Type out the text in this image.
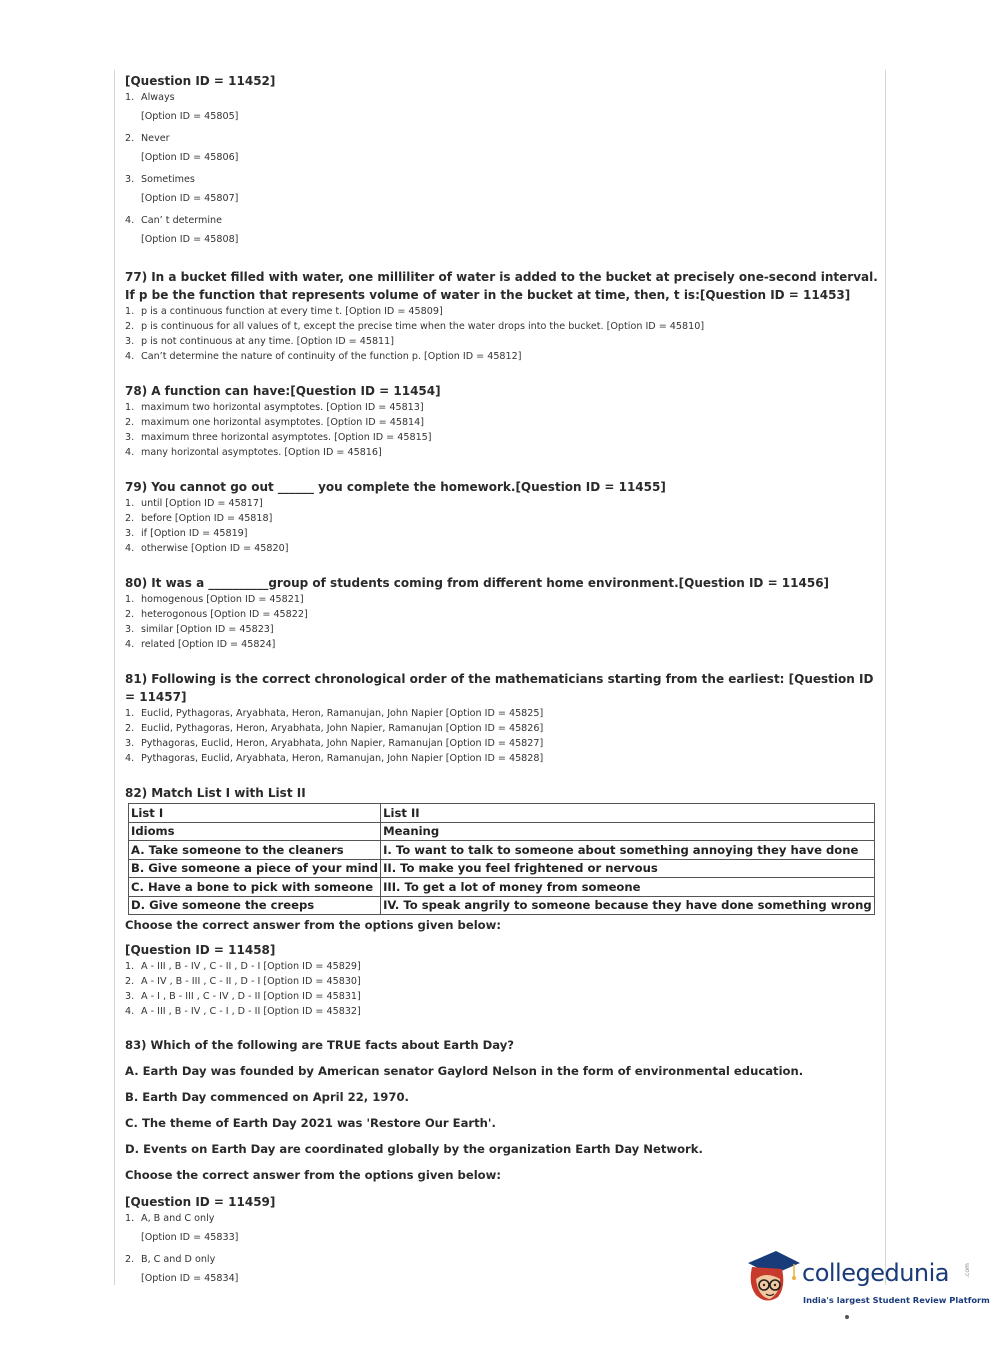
[Question ID = 11452]

1. Always
[Option ID = 45805]
2. Never
[Option ID = 45806]
3. Sometimes
[Option ID = 45807]
4. Can’ t determine
[Option ID = 45808]

77) In a bucket filled with water, one milliliter of water is added to the bucket at precisely one-second interval. If p be the function that represents volume of water in the bucket at time, then, t is:[Question ID = 11453]

1. p is a continuous function at every time t. [Option ID = 45809]
2. p is continuous for all values of t, except the precise time when the water drops into the bucket. [Option ID = 45810]
3. p is not continuous at any time. [Option ID = 45811]
4. Can’t determine the nature of continuity of the function p. [Option ID = 45812]

78) A function can have:[Question ID = 11454]

1. maximum two horizontal asymptotes. [Option ID = 45813]
2. maximum one horizontal asymptotes. [Option ID = 45814]
3. maximum three horizontal asymptotes. [Option ID = 45815]
4. many horizontal asymptotes. [Option ID = 45816]

79) You cannot go out ______ you complete the homework.[Question ID = 11455]

1. until [Option ID = 45817]
2. before [Option ID = 45818]
3. if [Option ID = 45819]
4. otherwise [Option ID = 45820]

80) It was a __________group of students coming from different home environment.[Question ID = 11456]

1. homogenous [Option ID = 45821]
2. heterogonous [Option ID = 45822]
3. similar [Option ID = 45823]
4. related [Option ID = 45824]

81) Following is the correct chronological order of the mathematicians starting from the earliest: [Question ID = 11457]

1. Euclid, Pythagoras, Aryabhata, Heron, Ramanujan, John Napier [Option ID = 45825]
2. Euclid, Pythagoras, Heron, Aryabhata, John Napier, Ramanujan [Option ID = 45826]
3. Pythagoras, Euclid, Heron, Aryabhata, John Napier, Ramanujan [Option ID = 45827]
4. Pythagoras, Euclid, Aryabhata, Heron, Ramanujan, John Napier [Option ID = 45828]

82) Match List I with List II

List I	List II
Idioms	Meaning
A. Take someone to the cleaners	I. To want to talk to someone about something annoying they have done
B. Give someone a piece of your mind	II. To make you feel frightened or nervous
C. Have a bone to pick with someone	III. To get a lot of money from someone
D. Give someone the creeps	IV. To speak angrily to someone because they have done something wrong

Choose the correct answer from the options given below:

[Question ID = 11458]

1. A - III , B - IV , C - II , D - I [Option ID = 45829]
2. A - IV , B - III , C - II , D - I [Option ID = 45830]
3. A - I , B - III , C - IV , D - II [Option ID = 45831]
4. A - III , B - IV , C - I , D - II [Option ID = 45832]

83) Which of the following are TRUE facts about Earth Day?

A. Earth Day was founded by American senator Gaylord Nelson in the form of environmental education.

B. Earth Day commenced on April 22, 1970.

C. The theme of Earth Day 2021 was 'Restore Our Earth'.

D. Events on Earth Day are coordinated globally by the organization Earth Day Network.

Choose the correct answer from the options given below:

[Question ID = 11459]

1. A, B and C only
[Option ID = 45833]
2. B, C and D only
[Option ID = 45834]	collegedunia .com
India's largest Student Review Platform
